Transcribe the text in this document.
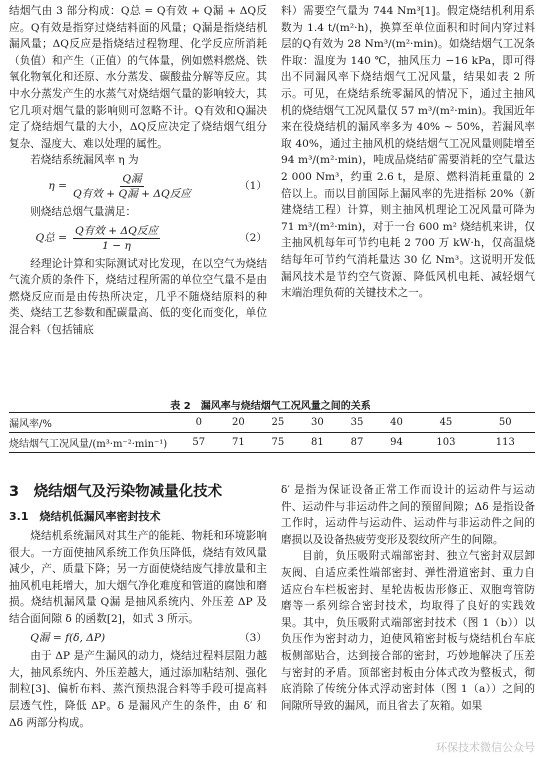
结烟气由 3 部分构成：Q总 = Q有效 + Q漏 + ΔQ反应。Q有效是指穿过烧结料面的风量；Q漏是指烧结机漏风量；ΔQ反应是指烧结过程物理、化学反应所消耗（负值）和产生（正值）的气体量，例如燃料燃烧、铁氧化物氧化和还原、水分蒸发、碳酸盐分解等反应。其中水分蒸发产生的水蒸气对烧结烟气量的影响较大，其它几项对烟气量的影响则可忽略不计。Q有效和Q漏决定了烧结烟气量的大小，ΔQ反应决定了烧结烟气组分复杂、湿度大、难以处理的属性。

若烧结系统漏风率 η 为

$\eta = \frac{\text{Q漏}}{\text{Q有效 + Q漏 + ΔQ反应}}$	（1）

则烧结总烟气量满足：

Q总 = $\frac{\text{Q有效 + ΔQ反应}}{1 - \eta}$	（2）

经理论计算和实际测试对比发现，在以空气为烧结气流介质的条件下，烧结过程所需的单位空气量不是由燃烧反应而是由传热所决定，几乎不随烧结原料的种类、烧结工艺参数和配碳量高、低的变化而变化，单位混合料（包括铺底

料）需要空气量为 744 Nm³[1]。假定烧结机利用系数为 1.4 t/(m²·h)，换算至单位面积和时间内穿过料层的Q有效为 28 Nm³/(m²·min)。如烧结烟气工况条件取：温度为 140 ℃，抽风压力 −16 kPa，即可得出不同漏风率下烧结烟气工况风量，结果如表 2 所示。可见，在烧结系统零漏风的情况下，通过主抽风机的烧结烟气工况风量仅 57 m³/(m²·min)。我国近年来在役烧结机的漏风率多为 40% ~ 50%，若漏风率取 40%，通过主抽风机的烧结烟气工况风量则陡增至 94 m³/(m²·min)，吨成品烧结矿需要消耗的空气量达 2 000 Nm³，约重 2.6 t，是原、燃料消耗重量的 2 倍以上。而以目前国际上漏风率的先进指标 20%（新建烧结工程）计算，则主抽风机理论工况风量可降为 71 m³/(m²·min)，对于一台 600 m² 烧结机来讲，仅主抽风机每年可节约电耗 2 700 万 kW·h，仅高温烧结每年可节约气消耗量达 30 亿 Nm³。这说明开发低漏风技术是节约空气资源、降低风机电耗、减轻烟气末端治理负荷的关键技术之一。

表 2　漏风率与烧结烟气工况风量之间的关系
漏风率/%	0	20	25	30	35	40	45	50
烧结烟气工况风量/(m³·m⁻²·min⁻¹)	57	71	75	81	87	94	103	113
3　烧结烟气及污染物减量化技术
3.1　烧结机低漏风率密封技术

烧结机系统漏风对其生产的能耗、物耗和环境影响很大。一方面使抽风系统工作负压降低，烧结有效风量减少，产、质量下降；另一方面使烧结废气排放量和主抽风机电耗增大，加大烟气净化难度和管道的腐蚀和磨损。烧结机漏风量 Q漏 是抽风系统内、外压差 ΔP 及结合面间隙 δ 的函数[2]，如式 3 所示。

Q漏 = f(δ, ΔP)	（3）

由于 ΔP 是产生漏风的动力，烧结过程料层阻力越大，抽风系统内、外压差越大，通过添加粘结剂、强化制粒[3]、偏析布料、蒸汽预热混合料等手段可提高料层透气性，降低 ΔP。δ 是漏风产生的条件，由 δ′ 和 Δδ 两部分构成。

δ′ 是指为保证设备正常工作而设计的运动件与运动件、运动件与非运动件之间的预留间隙；Δδ 是指设备工作时，运动件与运动件、运动件与非运动件之间的磨损以及设备热疲劳变形及裂纹所产生的间隙。

目前，负压吸附式端部密封、独立气密封双层卸灰阀、自适应柔性端部密封、弹性滑道密封、重力自适应台车栏板密封、星轮齿板齿形修正、双胞弯管防磨等一系列综合密封技术，均取得了良好的实践效果。其中，负压吸附式端部密封技术（图 1（b））以负压作为密封动力，迫使风箱密封板与烧结机台车底板侧部贴合，达到接合部的密封，巧妙地解决了压差与密封的矛盾。顶部密封板由分体式改为整板式，彻底消除了传统分体式浮动密封体（图 1（a））之间的间隙所导致的漏风，而且省去了灰箱。如果

环保技术微信公众号
